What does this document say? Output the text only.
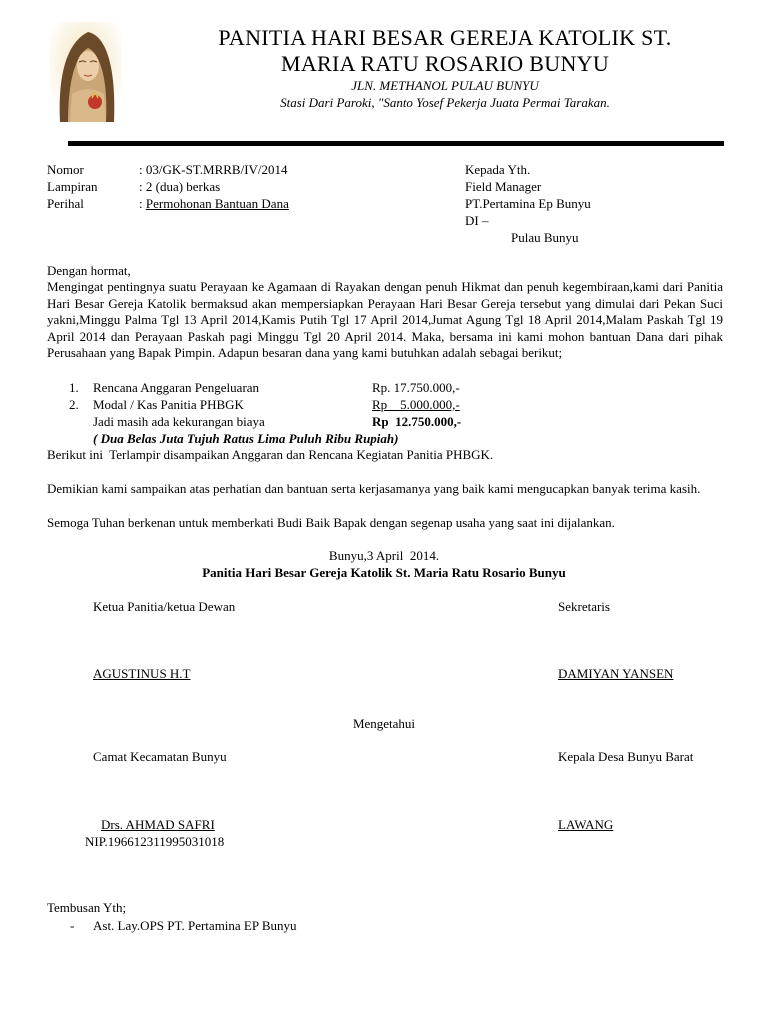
PANITIA HARI BESAR GEREJA KATOLIK ST.
MARIA RATU ROSARIO BUNYU
JLN. METHANOL PULAU BUNYU
Stasi Dari Paroki, "Santo Yosef Pekerja Juata Permai Tarakan.
Nomor	: 03/GK-ST.MRRB/IV/2014
Lampiran	: 2 (dua) berkas
Perihal	: Permohonan Bantuan Dana
Kepada Yth.
Field Manager
PT.Pertamina Ep Bunyu
DI –
Pulau Bunyu
Dengan hormat,
Mengingat pentingnya suatu Perayaan ke Agamaan di Rayakan dengan penuh Hikmat dan penuh kegembiraan,kami dari Panitia Hari Besar Gereja Katolik bermaksud akan mempersiapkan Perayaan Hari Besar Gereja tersebut yang dimulai dari Pekan Suci yakni,Minggu Palma Tgl 13 April 2014,Kamis Putih Tgl 17 April 2014,Jumat Agung Tgl 18 April 2014,Malam Paskah Tgl 19 April 2014 dan Perayaan Paskah pagi Minggu Tgl 20 April 2014. Maka, bersama ini kami mohon bantuan Dana dari pihak Perusahaan yang Bapak Pimpin. Adapun besaran dana yang kami butuhkan adalah sebagai berikut;
1. Rencana Anggaran Pengeluaran	Rp. 17.750.000,-
2. Modal / Kas Panitia PHBGK	Rp    5.000.000,-
Jadi masih ada kekurangan biaya	Rp  12.750.000,-
( Dua Belas Juta Tujuh Ratus Lima Puluh Ribu Rupiah)
Berikut ini  Terlampir disampaikan Anggaran dan Rencana Kegiatan Panitia PHBGK.
Demikian kami sampaikan atas perhatian dan bantuan serta kerjasamanya yang baik kami mengucapkan banyak terima kasih.
Semoga Tuhan berkenan untuk memberkati Budi Baik Bapak dengan segenap usaha yang saat ini dijalankan.
Bunyu,3 April  2014.
Panitia Hari Besar Gereja Katolik St. Maria Ratu Rosario Bunyu
Ketua Panitia/ketua Dewan	Sekretaris
AGUSTINUS H.T	DAMIYAN YANSEN
Mengetahui
Camat Kecamatan Bunyu	Kepala Desa Bunyu Barat
Drs. AHMAD SAFRI
NIP.196612311995031018
LAWANG
Tembusan Yth;
- Ast. Lay.OPS PT. Pertamina EP Bunyu
